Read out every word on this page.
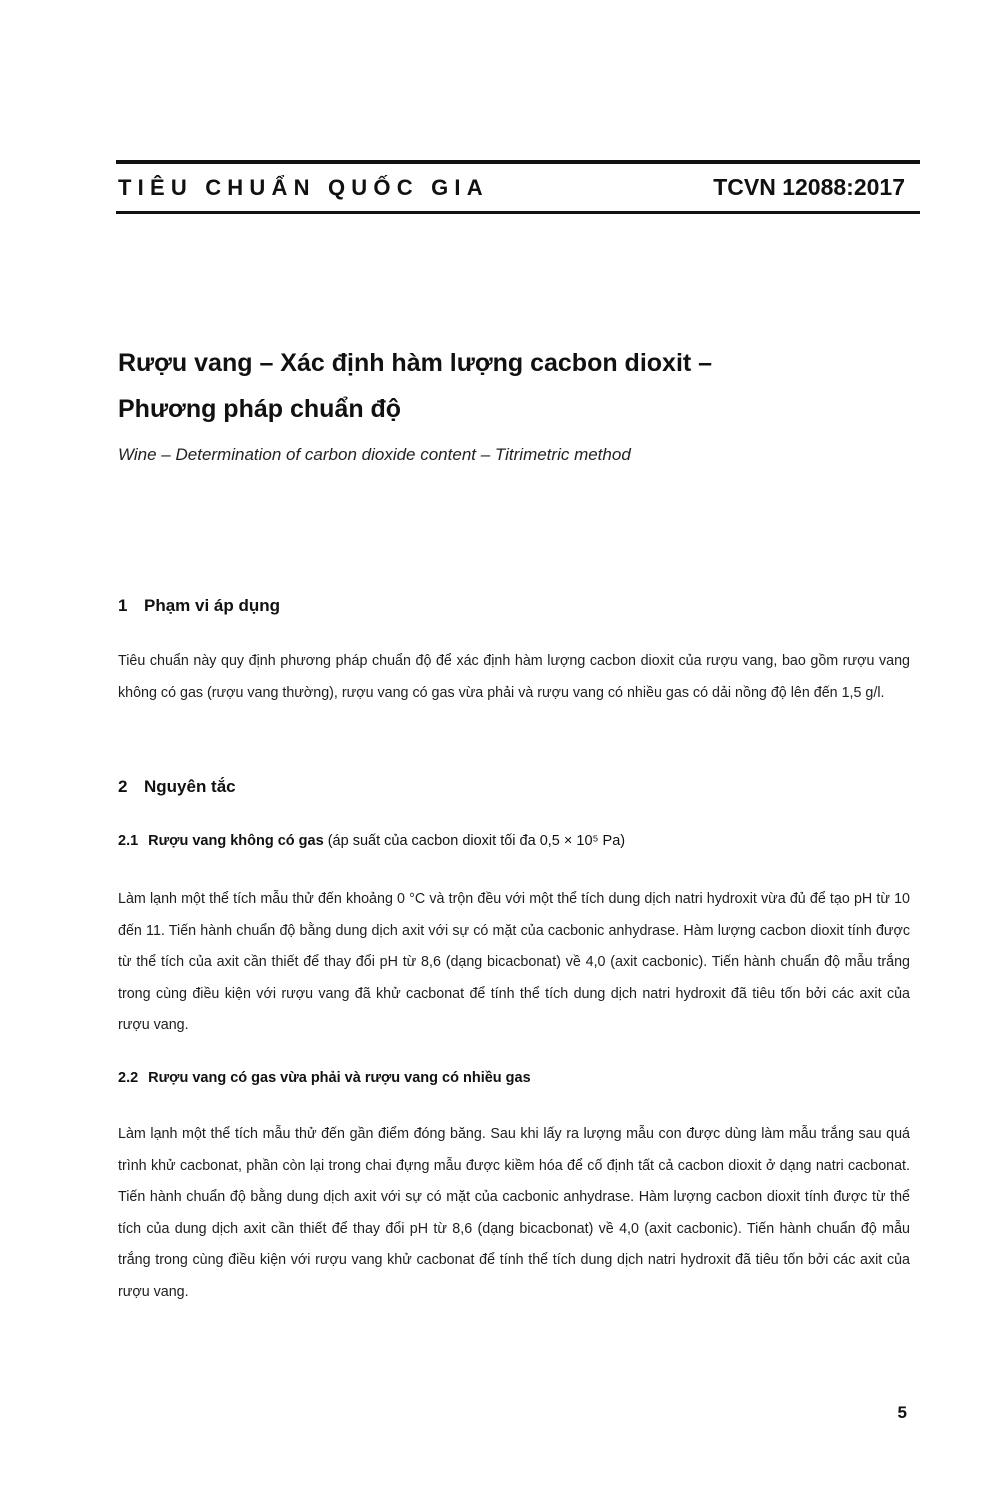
TIÊU CHUẨN QUỐC GIA	TCVN 12088:2017
Rượu vang – Xác định hàm lượng cacbon dioxit –
Phương pháp chuẩn độ

Wine – Determination of carbon dioxide content – Titrimetric method

1 Phạm vi áp dụng

Tiêu chuẩn này quy định phương pháp chuẩn độ để xác định hàm lượng cacbon dioxit của rượu vang, bao gồm rượu vang không có gas (rượu vang thường), rượu vang có gas vừa phải và rượu vang có nhiều gas có dải nồng độ lên đến 1,5 g/l.

2 Nguyên tắc

2.1 Rượu vang không có gas (áp suất của cacbon dioxit tối đa 0,5 × 10⁵ Pa)

Làm lạnh một thể tích mẫu thử đến khoảng 0 °C và trộn đều với một thể tích dung dịch natri hydroxit vừa đủ để tạo pH từ 10 đến 11. Tiến hành chuẩn độ bằng dung dịch axit với sự có mặt của cacbonic anhydrase. Hàm lượng cacbon dioxit tính được từ thể tích của axit cần thiết để thay đổi pH từ 8,6 (dạng bicacbonat) về 4,0 (axit cacbonic). Tiến hành chuẩn độ mẫu trắng trong cùng điều kiện với rượu vang đã khử cacbonat để tính thể tích dung dịch natri hydroxit đã tiêu tốn bởi các axit của rượu vang.

2.2 Rượu vang có gas vừa phải và rượu vang có nhiều gas

Làm lạnh một thể tích mẫu thử đến gần điểm đóng băng. Sau khi lấy ra lượng mẫu con được dùng làm mẫu trắng sau quá trình khử cacbonat, phần còn lại trong chai đựng mẫu được kiềm hóa để cố định tất cả cacbon dioxit ở dạng natri cacbonat. Tiến hành chuẩn độ bằng dung dịch axit với sự có mặt của cacbonic anhydrase. Hàm lượng cacbon dioxit tính được từ thể tích của dung dịch axit cần thiết để thay đổi pH từ 8,6 (dạng bicacbonat) về 4,0 (axit cacbonic). Tiến hành chuẩn độ mẫu trắng trong cùng điều kiện với rượu vang khử cacbonat để tính thể tích dung dịch natri hydroxit đã tiêu tốn bởi các axit của rượu vang.

5
